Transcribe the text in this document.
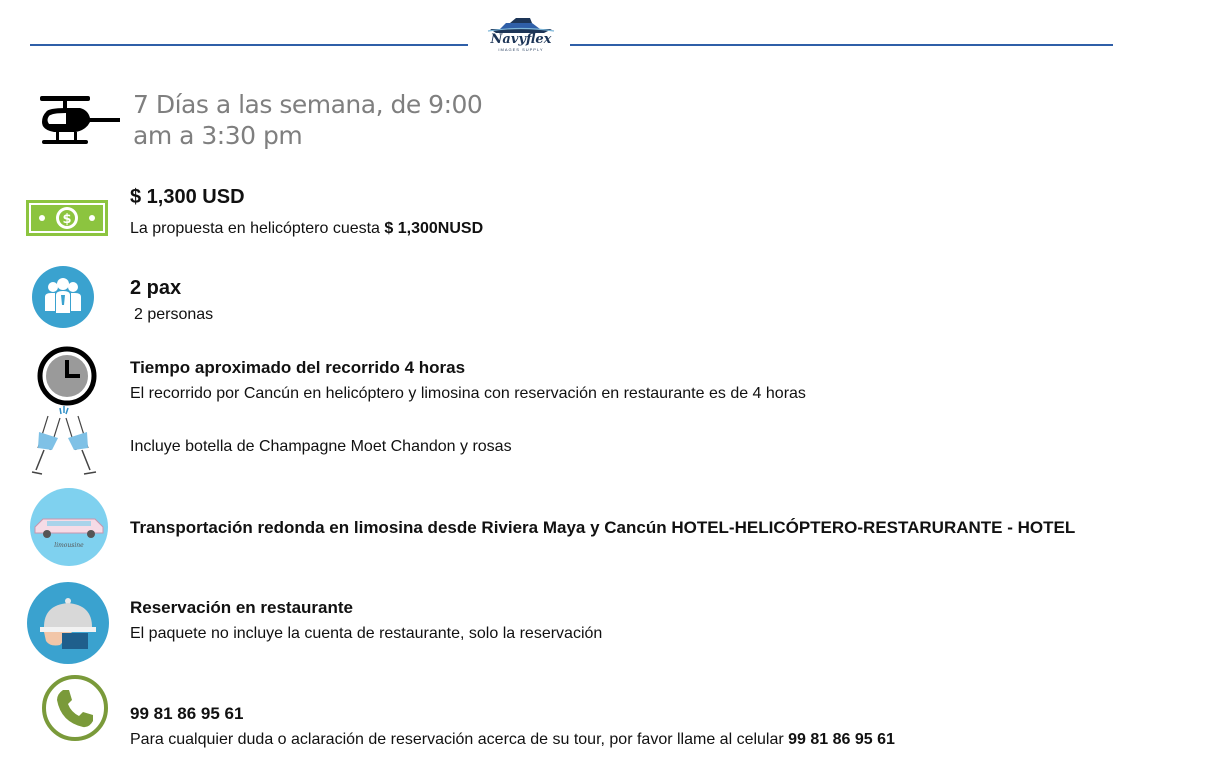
Navyflex
IMAGES SUPPLY
7 Días a las semana, de 9:00
am a 3:30 pm
$
$ 1,300 USD
La propuesta en helicóptero cuesta $ 1,300NUSD
2 pax
2 personas
Tiempo aproximado del recorrido 4 horas
El recorrido por Cancún en helicóptero y limosina con reservación en restaurante es de 4 horas
Incluye botella de Champagne Moet Chandon y rosas
limousine
Transportación redonda en limosina desde Riviera Maya y Cancún HOTEL-HELICÓPTERO-RESTARURANTE - HOTEL
Reservación en restaurante
El paquete no incluye la cuenta de restaurante, solo la reservación
99 81 86 95 61
Para cualquier duda o aclaración de reservación acerca de su tour, por favor llame al celular 99 81 86 95 61
